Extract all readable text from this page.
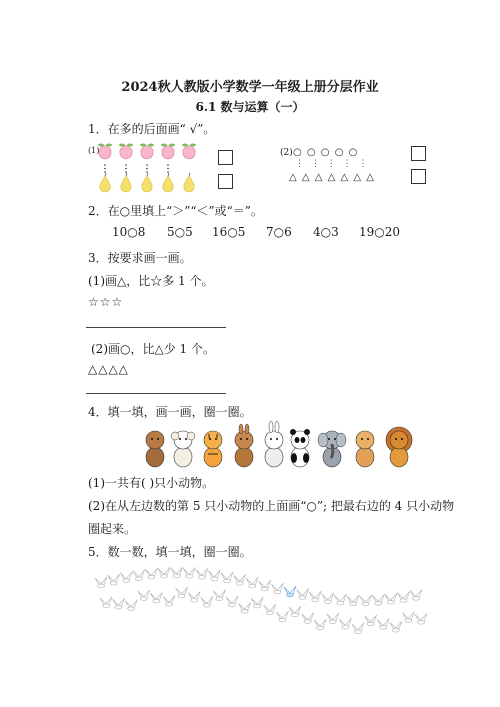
2024秋人教版小学数学一年级上册分层作业
6.1 数与运算（一）
1．在多的后面画“ √”。
(1)	(2) ○ ○ ○ ○ ○
⋮ ⋮ ⋮ ⋮ ⋮
△ △ △ △ △ △ △
2．在○里填上“＞”“＜”或“＝”。
10○8 5○5 16○5 7○6 4○3 19○20
3．按要求画一画。
(1)画△，比☆多 1 个。
☆☆☆
(2)画○，比△少 1 个。
△△△△
4．填一填，画一画，圈一圈。
(1)一共有( )只小动物。
(2)在从左边数的第 5 只小动物的上面画“○”; 把最右边的 4 只小动物
圈起来。
5．数一数，填一填，圈一圈。
